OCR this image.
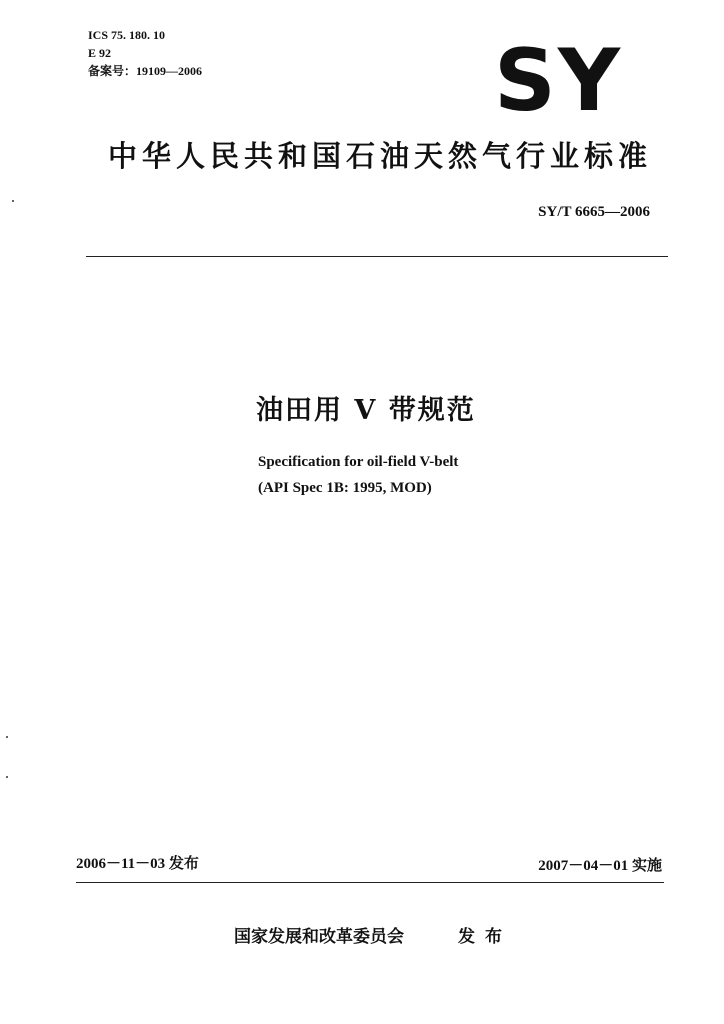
ICS 75. 180. 10
E 92
备案号：19109—2006	SY
中华人民共和国石油天然气行业标准
SY/T 6665—2006
油田用 V 带规范
Specification for oil-field V-belt
(API Spec 1B: 1995, MOD)
2006－11－03 发布	2007－04－01 实施
国家发展和改革委员会	发布
